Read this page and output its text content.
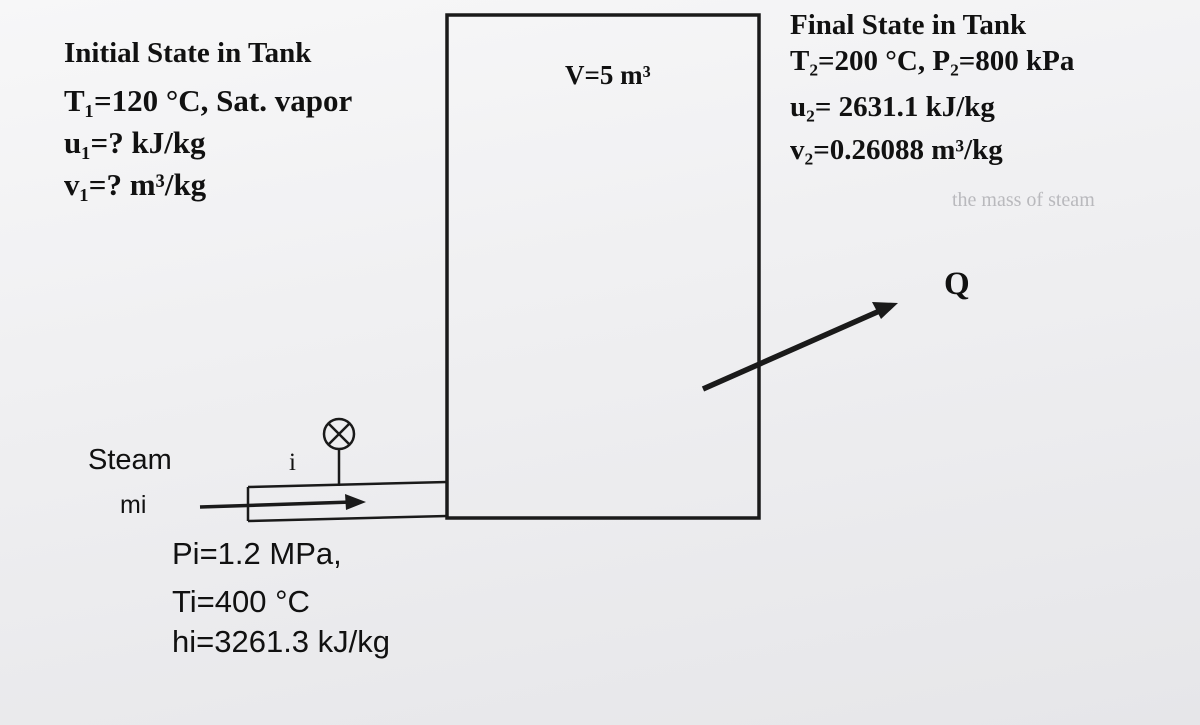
the mass of steam
Initial State in Tank
T₁=120 °C, Sat. vapor
u₁=? kJ/kg
v₁=? m³/kg
V=5 m³
Final State in Tank
T₂=200 °C, P₂=800 kPa
u₂= 2631.1 kJ/kg
v₂=0.26088 m³/kg
Q
Steam
mi
i
Pi=1.2 MPa,
Ti=400 °C
hi=3261.3 kJ/kg
